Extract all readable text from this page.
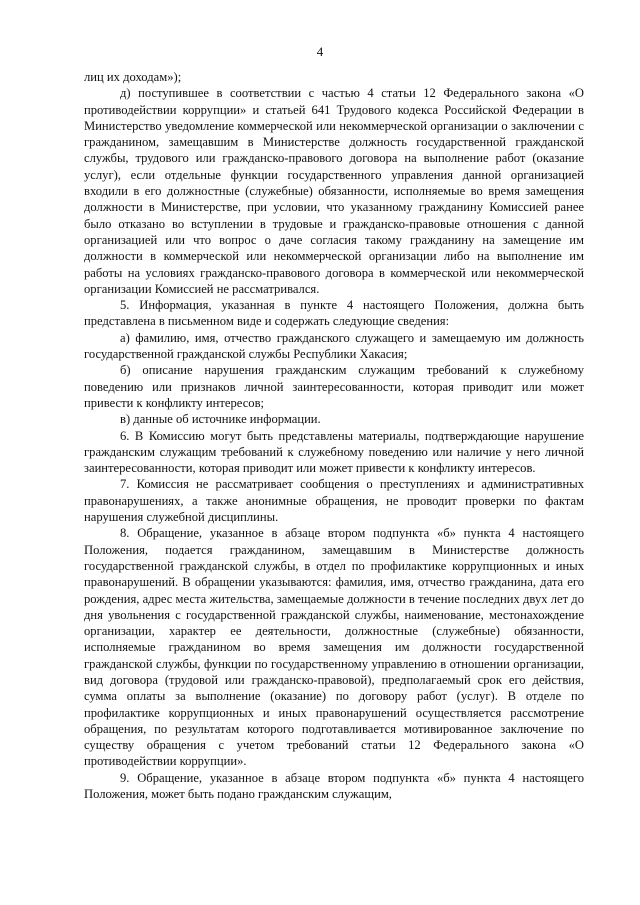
4

лиц их доходам»);

д) поступившее в соответствии с частью 4 статьи 12 Федерального закона «О противодействии коррупции» и статьей 641 Трудового кодекса Российской Федерации в Министерство уведомление коммерческой или некоммерческой организации о заключении с гражданином, замещавшим в Министерстве должность государственной гражданской службы, трудового или гражданско-правового договора на выполнение работ (оказание услуг), если отдельные функции государственного управления данной организацией входили в его должностные (служебные) обязанности, исполняемые во время замещения должности в Министерстве, при условии, что указанному гражданину Комиссией ранее было отказано во вступлении в трудовые и гражданско-правовые отношения с данной организацией или что вопрос о даче согласия такому гражданину на замещение им должности в коммерческой или некоммерческой организации либо на выполнение им работы на условиях гражданско-правового договора в коммерческой или некоммерческой организации Комиссией не рассматривался.

5. Информация, указанная в пункте 4 настоящего Положения, должна быть представлена в письменном виде и содержать следующие сведения:

а) фамилию, имя, отчество гражданского служащего и замещаемую им должность государственной гражданской службы Республики Хакасия;

б) описание нарушения гражданским служащим требований к служебному поведению или признаков личной заинтересованности, которая приводит или может привести к конфликту интересов;

в) данные об источнике информации.

6. В Комиссию могут быть представлены материалы, подтверждающие нарушение гражданским служащим требований к служебному поведению или наличие у него личной заинтересованности, которая приводит или может привести к конфликту интересов.

7. Комиссия не рассматривает сообщения о преступлениях и административных правонарушениях, а также анонимные обращения, не проводит проверки по фактам нарушения служебной дисциплины.

8. Обращение, указанное в абзаце втором подпункта «б» пункта 4 настоящего Положения, подается гражданином, замещавшим в Министерстве должность государственной гражданской службы, в отдел по профилактике коррупционных и иных правонарушений. В обращении указываются: фамилия, имя, отчество гражданина, дата его рождения, адрес места жительства, замещаемые должности в течение последних двух лет до дня увольнения с государственной гражданской службы, наименование, местонахождение организации, характер ее деятельности, должностные (служебные) обязанности, исполняемые гражданином во время замещения им должности государственной гражданской службы, функции по государственному управлению в отношении организации, вид договора (трудовой или гражданско-правовой), предполагаемый срок его действия, сумма оплаты за выполнение (оказание) по договору работ (услуг). В отделе по профилактике коррупционных и иных правонарушений осуществляется рассмотрение обращения, по результатам которого подготавливается мотивированное заключение по существу обращения с учетом требований статьи 12 Федерального закона «О противодействии коррупции».

9. Обращение, указанное в абзаце втором подпункта «б» пункта 4 настоящего Положения, может быть подано гражданским служащим,
